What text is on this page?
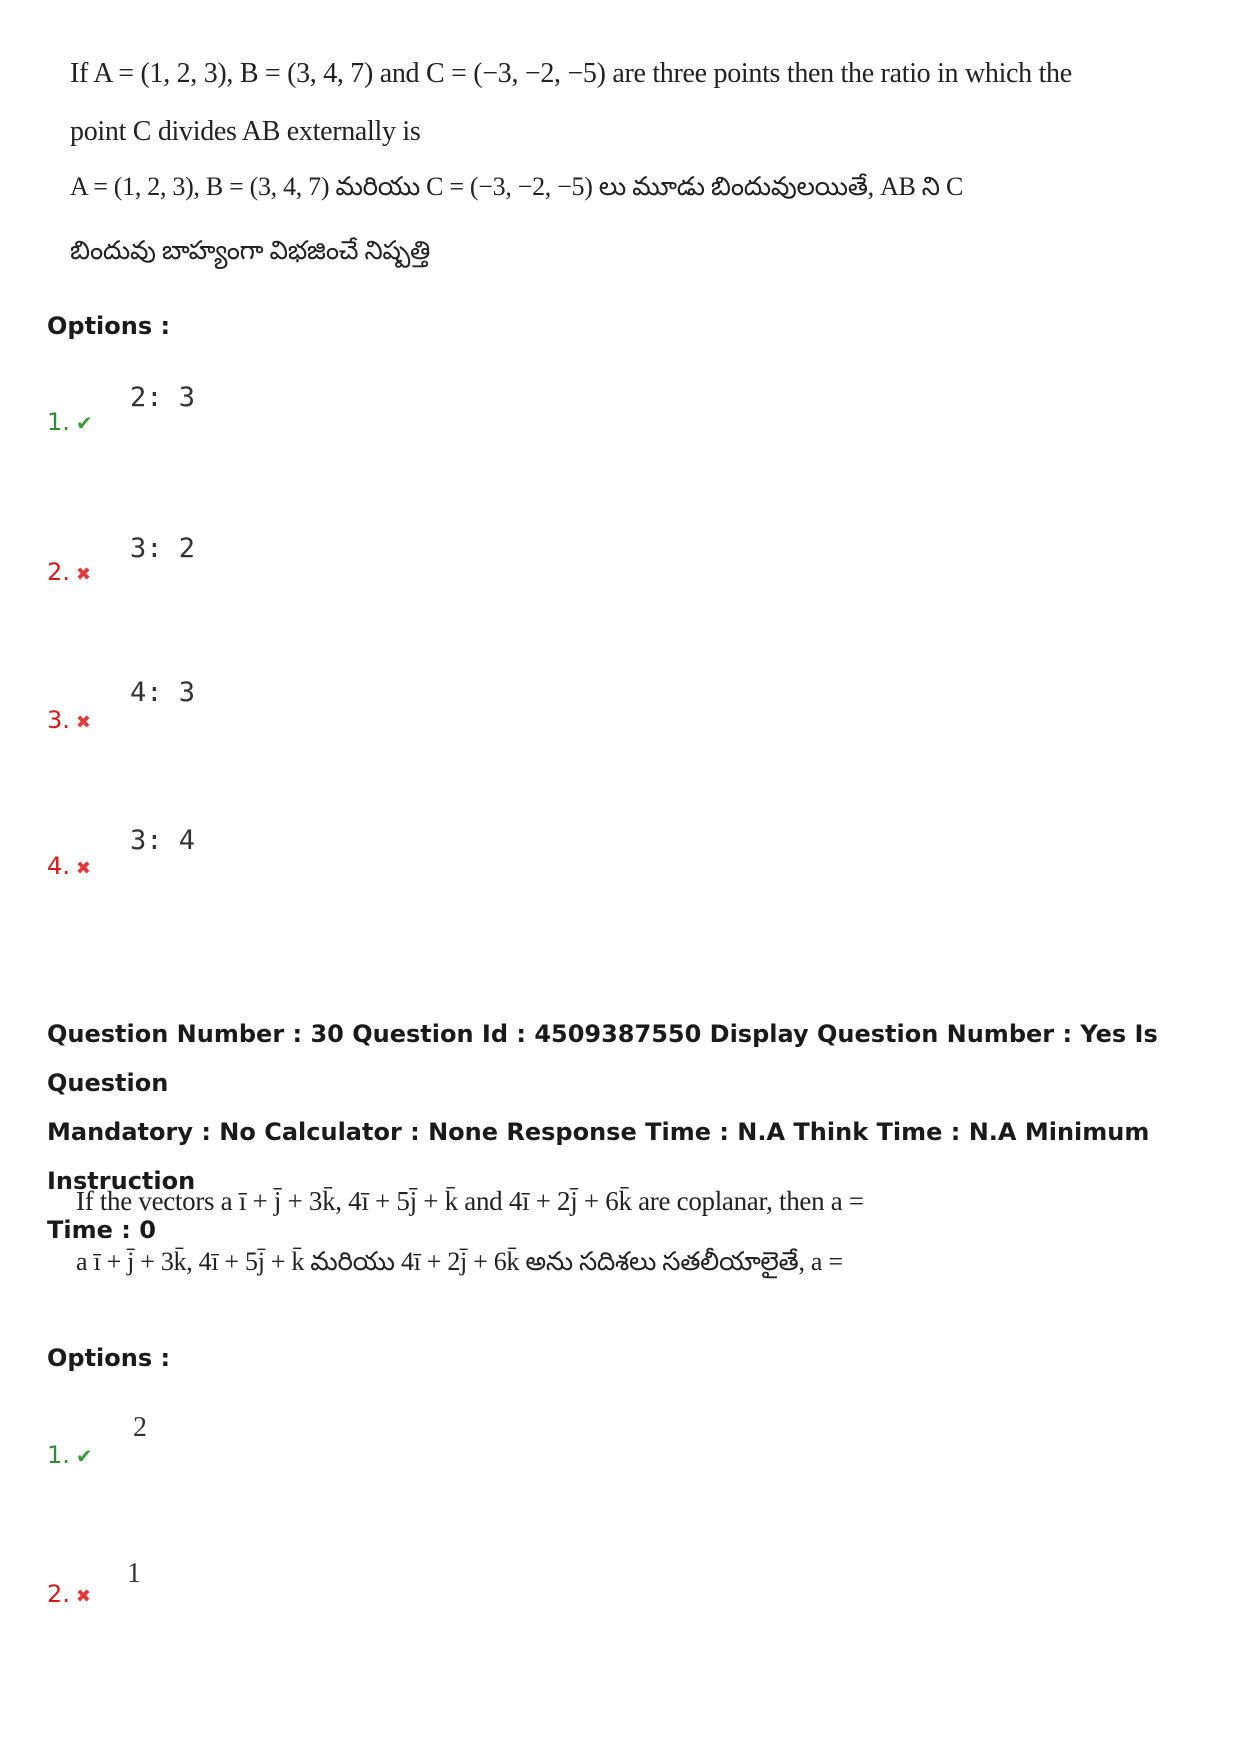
If A = (1, 2, 3), B = (3, 4, 7) and C = (−3, −2, −5) are three points then the ratio in which the
point C divides AB externally is
A = (1, 2, 3), B = (3, 4, 7) మరియు C = (−3, −2, −5) లు మూడు బిందువులయితే, AB ని C
బిందువు బాహ్యంగా విభజించే నిష్పత్తి
Options :
2: 3
1. ✔
3: 2
2. ✖
4: 3
3. ✖
3: 4
4. ✖
Question Number : 30 Question Id : 4509387550 Display Question Number : Yes Is Question
Mandatory : No Calculator : None Response Time : N.A Think Time : N.A Minimum Instruction
Time : 0
If the vectors a ī + j̄ + 3k̄, 4ī + 5j̄ + k̄ and 4ī + 2j̄ + 6k̄ are coplanar, then a =
a ī + j̄ + 3k̄, 4ī + 5j̄ + k̄ మరియు 4ī + 2j̄ + 6k̄ అను సదిశలు సతలీయాలైతే, a =
Options :
2
1. ✔
1
2. ✖
